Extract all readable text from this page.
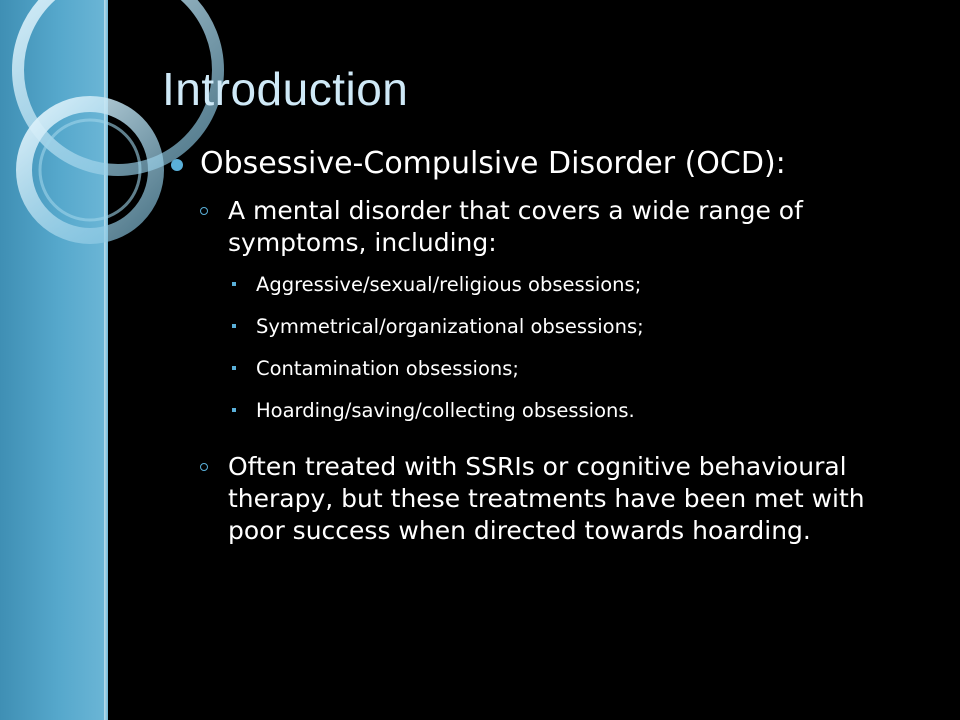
Introduction
Obsessive-Compulsive Disorder (OCD):
A mental disorder that covers a wide range of symptoms, including:
Aggressive/sexual/religious obsessions;
Symmetrical/organizational obsessions;
Contamination obsessions;
Hoarding/saving/collecting obsessions.
Often treated with SSRIs or cognitive behavioural therapy, but these treatments have been met with poor success when directed towards hoarding.
